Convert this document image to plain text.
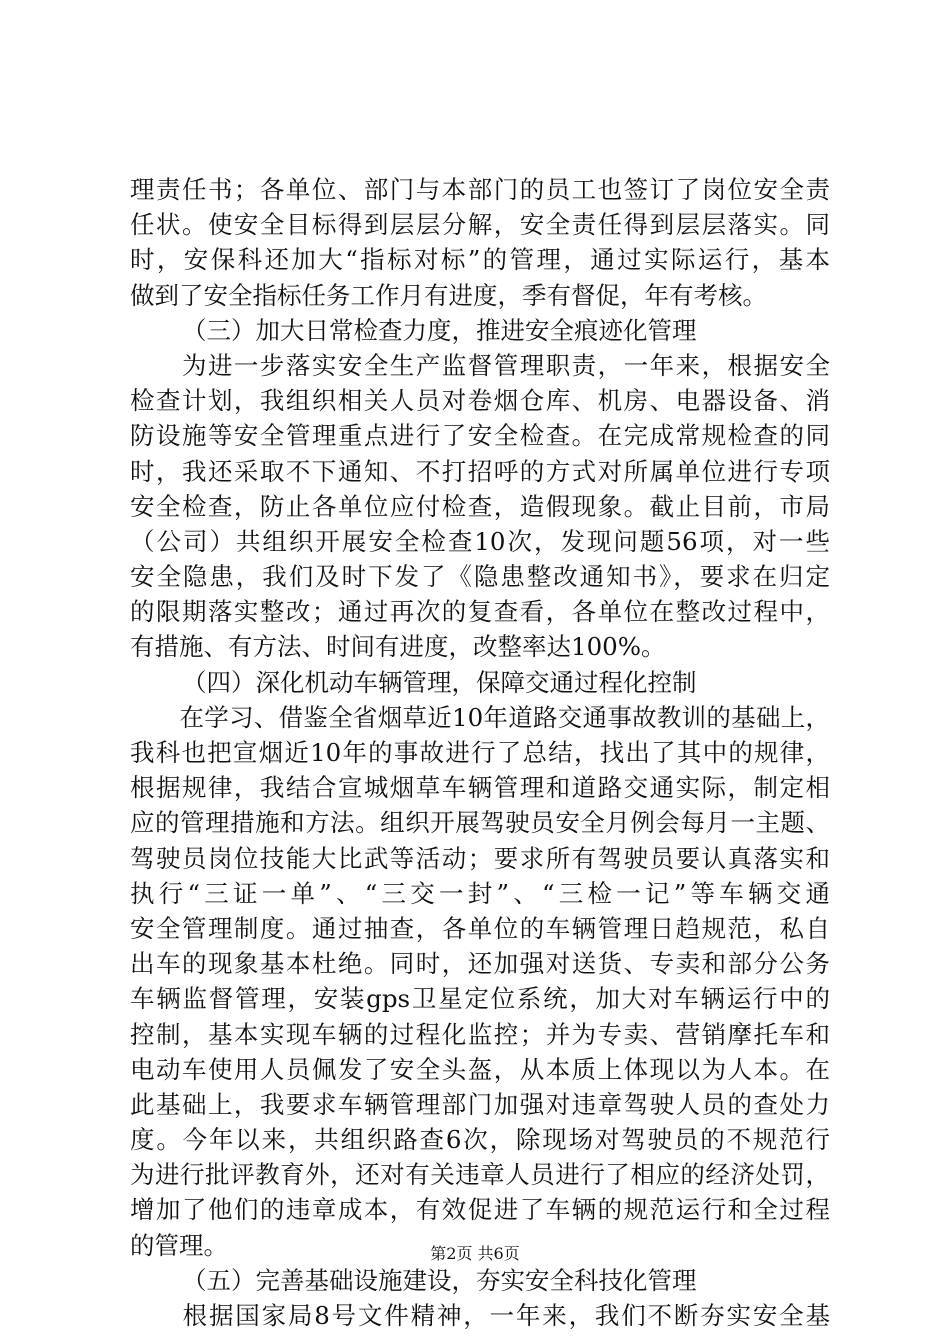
理责任书；各单位、部门与本部门的员工也签订了岗位安全责
任状。使安全目标得到层层分解，安全责任得到层层落实。同
时，安保科还加大“指标对标”的管理，通过实际运行，基本
做到了安全指标任务工作月有进度，季有督促，年有考核。
（三）加大日常检查力度，推进安全痕迹化管理
　　为进一步落实安全生产监督管理职责，一年来，根据安全
检查计划，我组织相关人员对卷烟仓库、机房、电器设备、消
防设施等安全管理重点进行了安全检查。在完成常规检查的同
时，我还采取不下通知、不打招呼的方式对所属单位进行专项
安全检查，防止各单位应付检查，造假现象。截止目前，市局
（公司）共组织开展安全检查10次，发现问题56项，对一些
安全隐患，我们及时下发了《隐患整改通知书》，要求在归定
的限期落实整改；通过再次的复查看，各单位在整改过程中，
有措施、有方法、时间有进度，改整率达100%。
（四）深化机动车辆管理，保障交通过程化控制
　　在学习、借鉴全省烟草近10年道路交通事故教训的基础上，
我科也把宣烟近10年的事故进行了总结，找出了其中的规律，
根据规律，我结合宣城烟草车辆管理和道路交通实际，制定相
应的管理措施和方法。组织开展驾驶员安全月例会每月一主题、
驾驶员岗位技能大比武等活动；要求所有驾驶员要认真落实和
执行“三证一单”、“三交一封”、“三检一记”等车辆交通
安全管理制度。通过抽查，各单位的车辆管理日趋规范，私自
出车的现象基本杜绝。同时，还加强对送货、专卖和部分公务
车辆监督管理，安装gps卫星定位系统，加大对车辆运行中的
控制，基本实现车辆的过程化监控；并为专卖、营销摩托车和
电动车使用人员佩发了安全头盔，从本质上体现以为人本。在
此基础上，我要求车辆管理部门加强对违章驾驶人员的查处力
度。今年以来，共组织路查6次，除现场对驾驶员的不规范行
为进行批评教育外，还对有关违章人员进行了相应的经济处罚，
增加了他们的违章成本，有效促进了车辆的规范运行和全过程
的管理。
（五）完善基础设施建设，夯实安全科技化管理
　　根据国家局8号文件精神，一年来，我们不断夯实安全基
第2页 共6页
